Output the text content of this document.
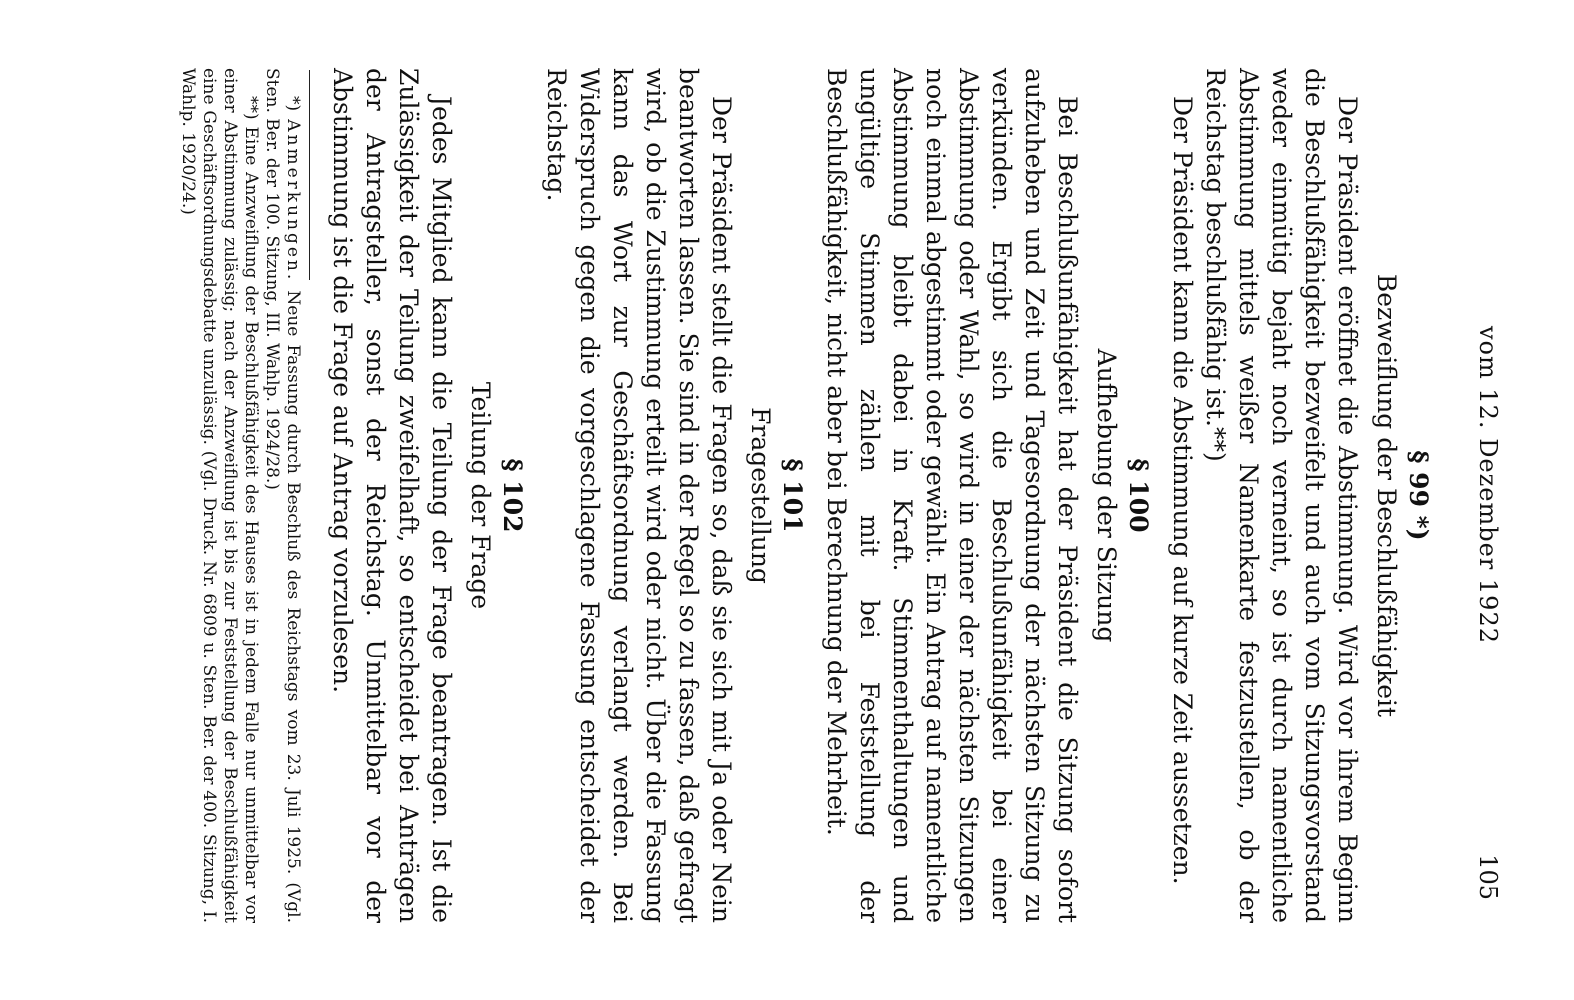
vom 12. Dezember 1922
105
§ 99 *)
Bezweiflung der Beschlußfähigkeit

Der Präsident eröffnet die Abstimmung. Wird vor ihrem Beginn die Beschlußfähigkeit bezweifelt und auch vom Sitzungsvorstand weder einmütig bejaht noch verneint, so ist durch namentliche Abstimmung mittels weißer Namenkarte festzustellen, ob der Reichstag beschlußfähig ist.**)

Der Präsident kann die Abstimmung auf kurze Zeit aussetzen.

§ 100
Aufhebung der Sitzung

Bei Beschlußunfähigkeit hat der Präsident die Sitzung sofort aufzuheben und Zeit und Tagesordnung der nächsten Sitzung zu verkünden. Ergibt sich die Beschlußunfähigkeit bei einer Abstimmung oder Wahl, so wird in einer der nächsten Sitzungen noch einmal abgestimmt oder gewählt. Ein Antrag auf namentliche Abstimmung bleibt dabei in Kraft. Stimmenthaltungen und ungültige Stimmen zählen mit bei Feststellung der Beschlußfähigkeit, nicht aber bei Berechnung der Mehrheit.

§ 101
Fragestellung

Der Präsident stellt die Fragen so, daß sie sich mit Ja oder Nein beantworten lassen. Sie sind in der Regel so zu fassen, daß gefragt wird, ob die Zustimmung erteilt wird oder nicht. Über die Fassung kann das Wort zur Geschäftsordnung verlangt werden. Bei Widerspruch gegen die vorgeschlagene Fassung entscheidet der Reichstag.

§ 102
Teilung der Frage

Jedes Mitglied kann die Teilung der Frage beantragen. Ist die Zulässigkeit der Teilung zweifelhaft, so entscheidet bei Anträgen der Antragsteller, sonst der Reichstag. Unmittelbar vor der Abstimmung ist die Frage auf Antrag vorzulesen.

*) Anmerkungen. Neue Fassung durch Beschluß des Reichstags vom 23. Juli 1925. (Vgl. Sten. Ber. der 100. Sitzung, III. Wahlp. 1924/28.)

**) Eine Anzweiflung der Beschlußfähigkeit des Hauses ist in jedem Falle nur unmittelbar vor einer Abstimmung zulässig; nach der Anzweiflung ist bis zur Feststellung der Beschlußfähigkeit eine Geschäftsordnungsdebatte unzulässig. (Vgl. Druck. Nr. 6809 u. Sten. Ber. der 400. Sitzung, I. Wahlp. 1920/24.)
